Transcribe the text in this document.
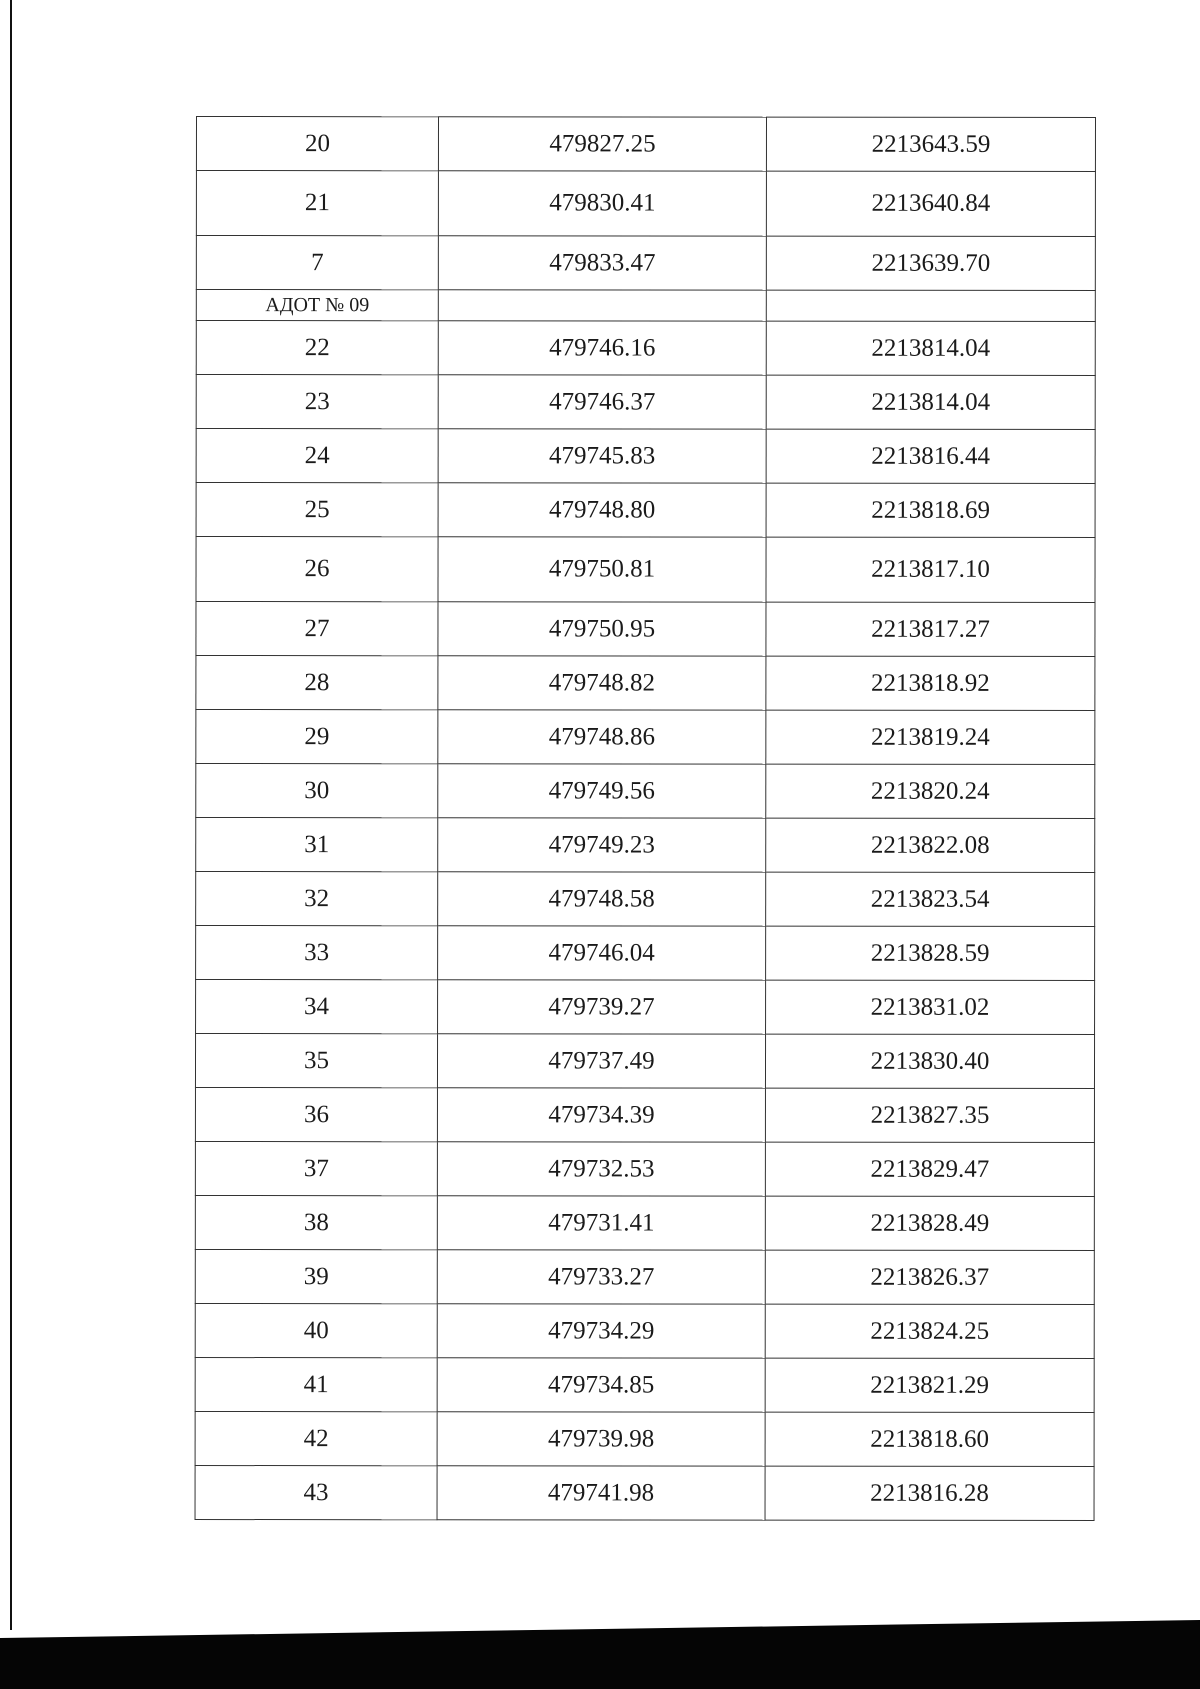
20	479827.25	2213643.59
21	479830.41	2213640.84
7	479833.47	2213639.70
АДОТ № 09		
22	479746.16	2213814.04
23	479746.37	2213814.04
24	479745.83	2213816.44
25	479748.80	2213818.69
26	479750.81	2213817.10
27	479750.95	2213817.27
28	479748.82	2213818.92
29	479748.86	2213819.24
30	479749.56	2213820.24
31	479749.23	2213822.08
32	479748.58	2213823.54
33	479746.04	2213828.59
34	479739.27	2213831.02
35	479737.49	2213830.40
36	479734.39	2213827.35
37	479732.53	2213829.47
38	479731.41	2213828.49
39	479733.27	2213826.37
40	479734.29	2213824.25
41	479734.85	2213821.29
42	479739.98	2213818.60
43	479741.98	2213816.28
